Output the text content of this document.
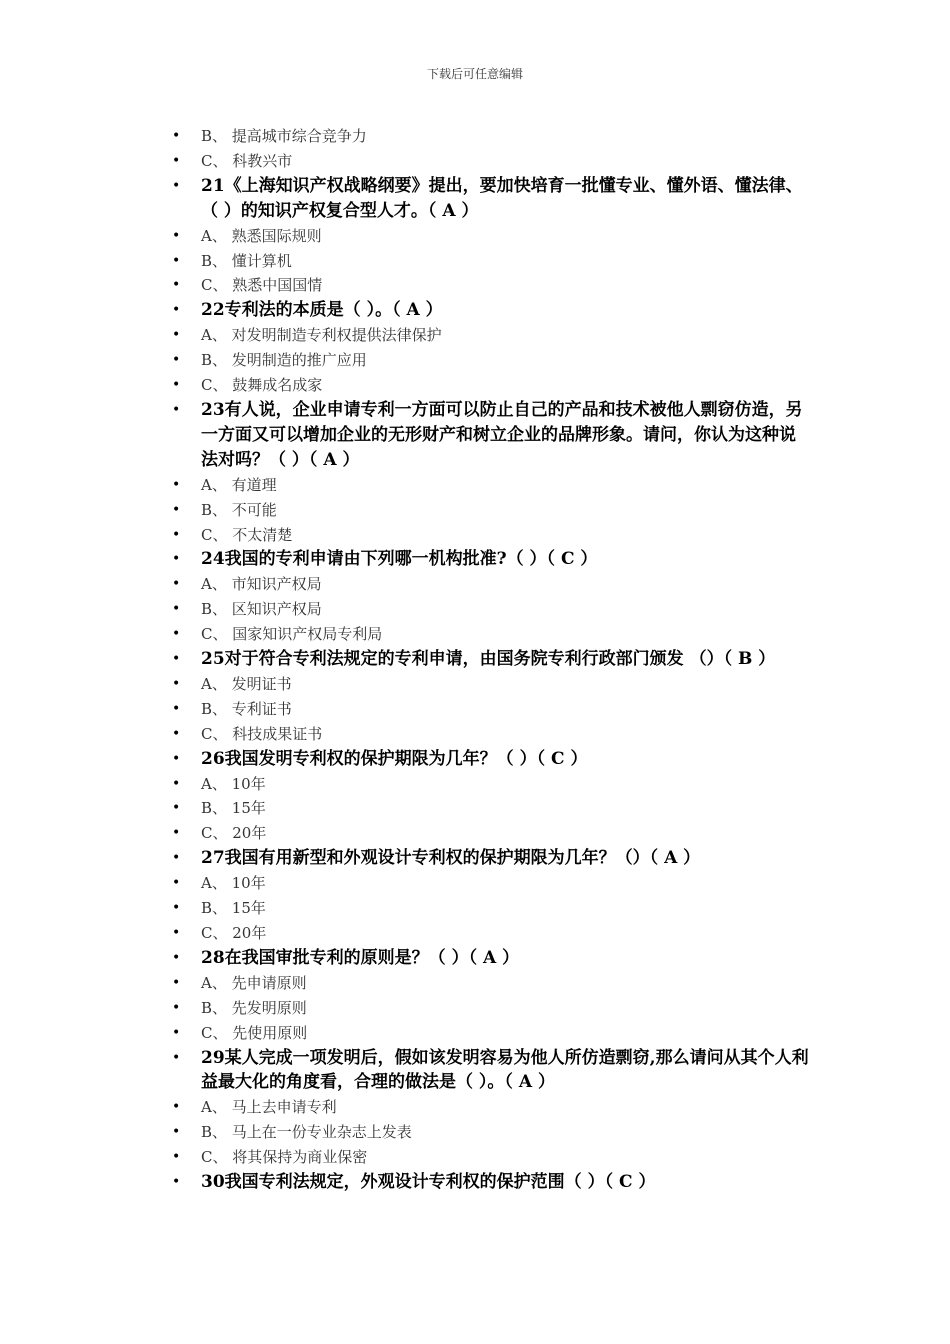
下载后可任意编辑
• B、 提高城市综合竞争力
• C、 科教兴市
• 21《上海知识产权战略纲要》提出，要加快培育一批懂专业、懂外语、懂法律、（ ）的知识产权复合型人才。（ A ）
• A、 熟悉国际规则
• B、 懂计算机
• C、 熟悉中国国情
• 22专利法的本质是（ ）。（ A ）
• A、 对发明制造专利权提供法律保护
• B、 发明制造的推广应用
• C、 鼓舞成名成家
• 23有人说，企业申请专利一方面可以防止自己的产品和技术被他人剽窃仿造，另一方面又可以增加企业的无形财产和树立企业的品牌形象。请问，你认为这种说法对吗？（ ）（ A ）
• A、 有道理
• B、 不可能
• C、 不太清楚
• 24我国的专利申请由下列哪一机构批准?（ ）（ C ）
• A、 市知识产权局
• B、 区知识产权局
• C、 国家知识产权局专利局
• 25对于符合专利法规定的专利申请，由国务院专利行政部门颁发 （）（ B ）
• A、 发明证书
• B、 专利证书
• C、 科技成果证书
• 26我国发明专利权的保护期限为几年？（ ）（ C ）
• A、 10年
• B、 15年
• C、 20年
• 27我国有用新型和外观设计专利权的保护期限为几年？（）（ A ）
• A、 10年
• B、 15年
• C、 20年
• 28在我国审批专利的原则是？（ ）（ A ）
• A、 先申请原则
• B、 先发明原则
• C、 先使用原则
• 29某人完成一项发明后，假如该发明容易为他人所仿造剽窃,那么请问从其个人利益最大化的角度看，合理的做法是（ ）。（ A ）
• A、 马上去申请专利
• B、 马上在一份专业杂志上发表
• C、 将其保持为商业保密
• 30我国专利法规定，外观设计专利权的保护范围（ ）（ C ）
